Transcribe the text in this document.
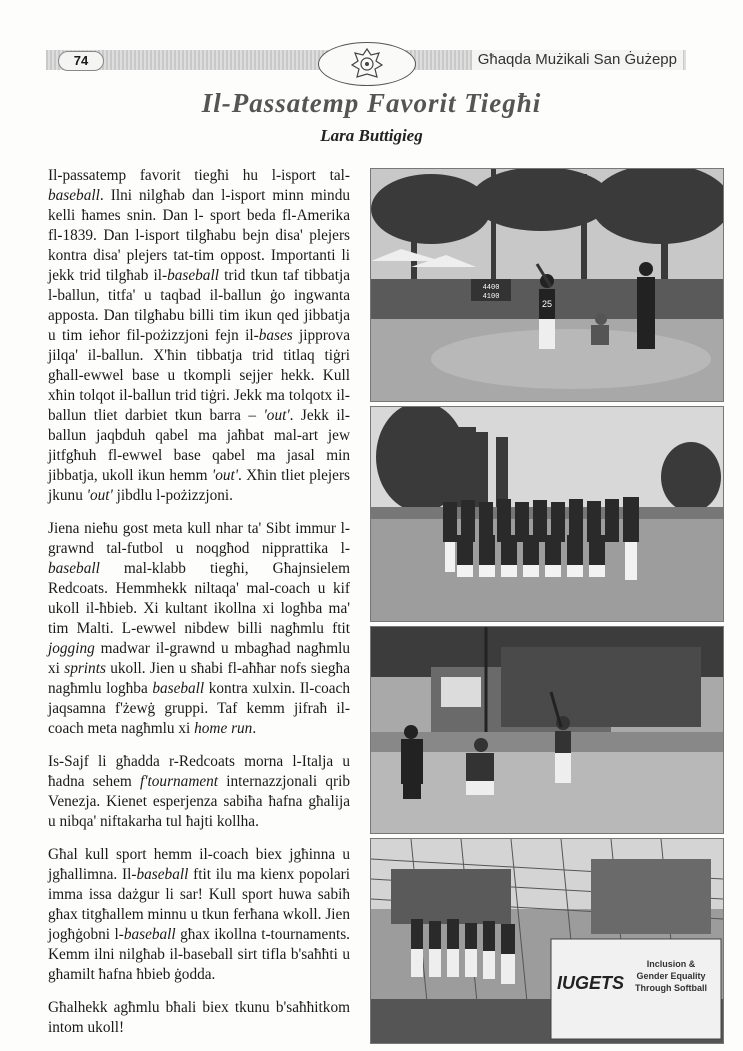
74	Għaqda Mużikali San Ġużepp
Il-Passatemp Favorit Tiegħi
Lara Buttigieg

Il-passatemp favorit tiegħi hu l-isport tal-baseball. Ilni nilgħab dan l-isport minn mindu kelli ħames snin. Dan l- sport beda fl-Amerika fl-1839. Dan l-isport tilgħabu bejn disa' plejers kontra disa' plejers tat-tim oppost. Importanti li jekk trid tilgħab il-baseball trid tkun taf tibbatja l-ballun, titfa' u taqbad il-ballun ġo ingwanta apposta. Dan tilgħabu billi tim ikun qed jibbatja u tim ieħor fil-pożizzjoni fejn il-bases jipprova jilqa' il-ballun. X'ħin tibbatja trid titlaq tiġri għall-ewwel base u tkompli sejjer hekk. Kull xħin tolqot il-ballun trid tiġri. Jekk ma tolqotx il-ballun tliet darbiet tkun barra – 'out'. Jekk il-ballun jaqbduh qabel ma jaħbat mal-art jew jitfgħuh fl-ewwel base qabel ma jasal min jibbatja, ukoll ikun hemm 'out'. Xħin tliet plejers jkunu 'out' jibdlu l-pożizzjoni.

Jiena nieħu gost meta kull nhar ta' Sibt immur l-grawnd tal-futbol u noqgħod nipprattika l-baseball mal-klabb tiegħi, Għajnsielem Redcoats. Hemmhekk niltaqa' mal-coach u kif ukoll il-ħbieb. Xi kultant ikollna xi logħba ma' tim Malti. L-ewwel nibdew billi nagħmlu ftit jogging madwar il-grawnd u mbagħad nagħmlu xi sprints ukoll. Jien u sħabi fl-aħħar nofs siegħa nagħmlu logħba baseball kontra xulxin. Il-coach jaqsamna f'żewġ gruppi. Taf kemm jifraħ il-coach meta nagħmlu xi home run.

Is-Sajf li għadda r-Redcoats morna l-Italja u ħadna sehem f'tournament internazzjonali qrib Venezja. Kienet esperjenza sabiħa ħafna għalija u nibqa' niftakarha tul ħajti kollha.

Għal kull sport hemm il-coach biex jgħinna u jgħallimna. Il-baseball ftit ilu ma kienx popolari imma issa dażgur li sar! Kull sport huwa sabiħ għax titgħallem minnu u tkun ferħana wkoll. Jien jogħġobni l-baseball għax ikollna t-tournaments. Kemm ilni nilgħab il-baseball sirt tifla b'saħħti u għamilt ħafna ħbieb ġodda.

Għalhekk agħmlu bħali biex tkunu b'saħħitkom intom ukoll!

4400
4100
25
IUGETS
Inclusion &
Gender Equality
Through Softball
